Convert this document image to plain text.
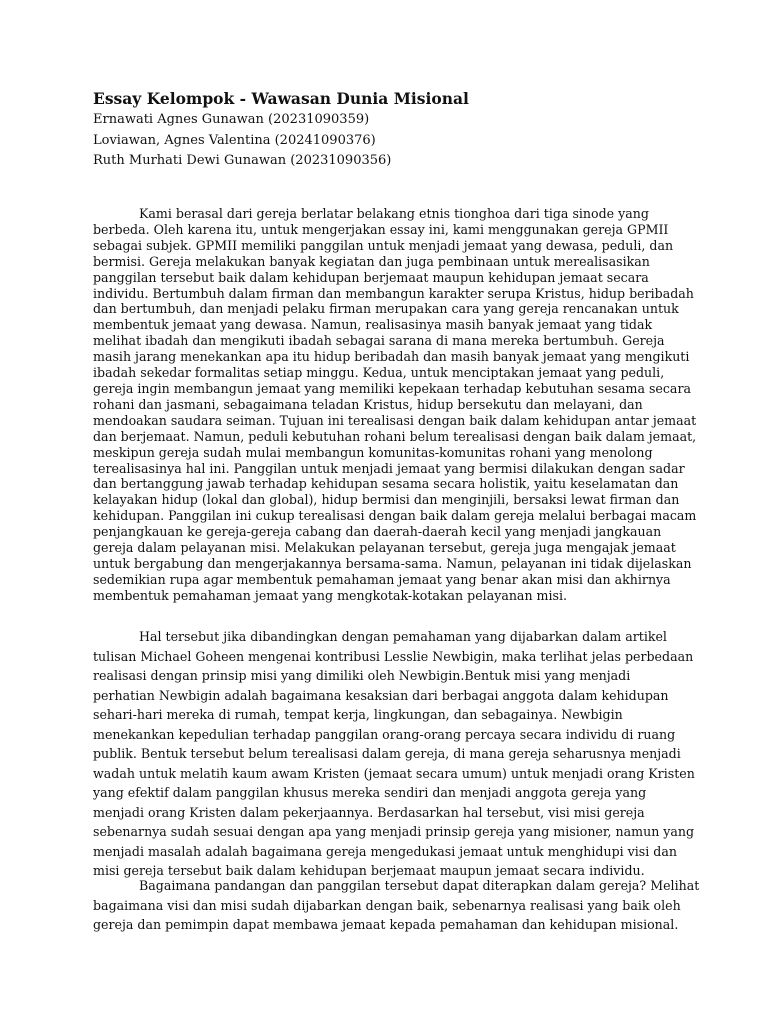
Essay Kelompok - Wawasan Dunia Misional

Ernawati Agnes Gunawan (20231090359)

Loviawan, Agnes Valentina (20241090376)

Ruth Murhati Dewi Gunawan (20231090356)

Kami berasal dari gereja berlatar belakang etnis tionghoa dari tiga sinode yang
berbeda. Oleh karena itu, untuk mengerjakan essay ini, kami menggunakan gereja GPMII
sebagai subjek. GPMII memiliki panggilan untuk menjadi jemaat yang dewasa, peduli, dan
bermisi. Gereja melakukan banyak kegiatan dan juga pembinaan untuk merealisasikan
panggilan tersebut baik dalam kehidupan berjemaat maupun kehidupan jemaat secara
individu. Bertumbuh dalam firman dan membangun karakter serupa Kristus, hidup beribadah
dan bertumbuh, dan menjadi pelaku firman merupakan cara yang gereja rencanakan untuk
membentuk jemaat yang dewasa. Namun, realisasinya masih banyak jemaat yang tidak
melihat ibadah dan mengikuti ibadah sebagai sarana di mana mereka bertumbuh. Gereja
masih jarang menekankan apa itu hidup beribadah dan masih banyak jemaat yang mengikuti
ibadah sekedar formalitas setiap minggu. Kedua, untuk menciptakan jemaat yang peduli,
gereja ingin membangun jemaat yang memiliki kepekaan terhadap kebutuhan sesama secara
rohani dan jasmani, sebagaimana teladan Kristus, hidup bersekutu dan melayani, dan
mendoakan saudara seiman. Tujuan ini terealisasi dengan baik dalam kehidupan antar jemaat
dan berjemaat. Namun, peduli kebutuhan rohani belum terealisasi dengan baik dalam jemaat,
meskipun gereja sudah mulai membangun komunitas-komunitas rohani yang menolong
terealisasinya hal ini. Panggilan untuk menjadi jemaat yang bermisi dilakukan dengan sadar
dan bertanggung jawab terhadap kehidupan sesama secara holistik, yaitu keselamatan dan
kelayakan hidup (lokal dan global), hidup bermisi dan menginjili, bersaksi lewat firman dan
kehidupan. Panggilan ini cukup terealisasi dengan baik dalam gereja melalui berbagai macam
penjangkauan ke gereja-gereja cabang dan daerah-daerah kecil yang menjadi jangkauan
gereja dalam pelayanan misi. Melakukan pelayanan tersebut, gereja juga mengajak jemaat
untuk bergabung dan mengerjakannya bersama-sama. Namun, pelayanan ini tidak dijelaskan
sedemikian rupa agar membentuk pemahaman jemaat yang benar akan misi dan akhirnya
membentuk pemahaman jemaat yang mengkotak-kotakan pelayanan misi.
Hal tersebut jika dibandingkan dengan pemahaman yang dijabarkan dalam artikel
tulisan Michael Goheen mengenai kontribusi Lesslie Newbigin, maka terlihat jelas perbedaan
realisasi dengan prinsip misi yang dimiliki oleh Newbigin.Bentuk misi yang menjadi
perhatian Newbigin adalah bagaimana kesaksian dari berbagai anggota dalam kehidupan
sehari-hari mereka di rumah, tempat kerja, lingkungan, dan sebagainya. Newbigin
menekankan kepedulian terhadap panggilan orang-orang percaya secara individu di ruang
publik. Bentuk tersebut belum terealisasi dalam gereja, di mana gereja seharusnya menjadi
wadah untuk melatih kaum awam Kristen (jemaat secara umum) untuk menjadi orang Kristen
yang efektif dalam panggilan khusus mereka sendiri dan menjadi anggota gereja yang
menjadi orang Kristen dalam pekerjaannya. Berdasarkan hal tersebut, visi misi gereja
sebenarnya sudah sesuai dengan apa yang menjadi prinsip gereja yang misioner, namun yang
menjadi masalah adalah bagaimana gereja mengedukasi jemaat untuk menghidupi visi dan
misi gereja tersebut baik dalam kehidupan berjemaat maupun jemaat secara individu.
Bagaimana pandangan dan panggilan tersebut dapat diterapkan dalam gereja? Melihat
bagaimana visi dan misi sudah dijabarkan dengan baik, sebenarnya realisasi yang baik oleh
gereja dan pemimpin dapat membawa jemaat kepada pemahaman dan kehidupan misional.
